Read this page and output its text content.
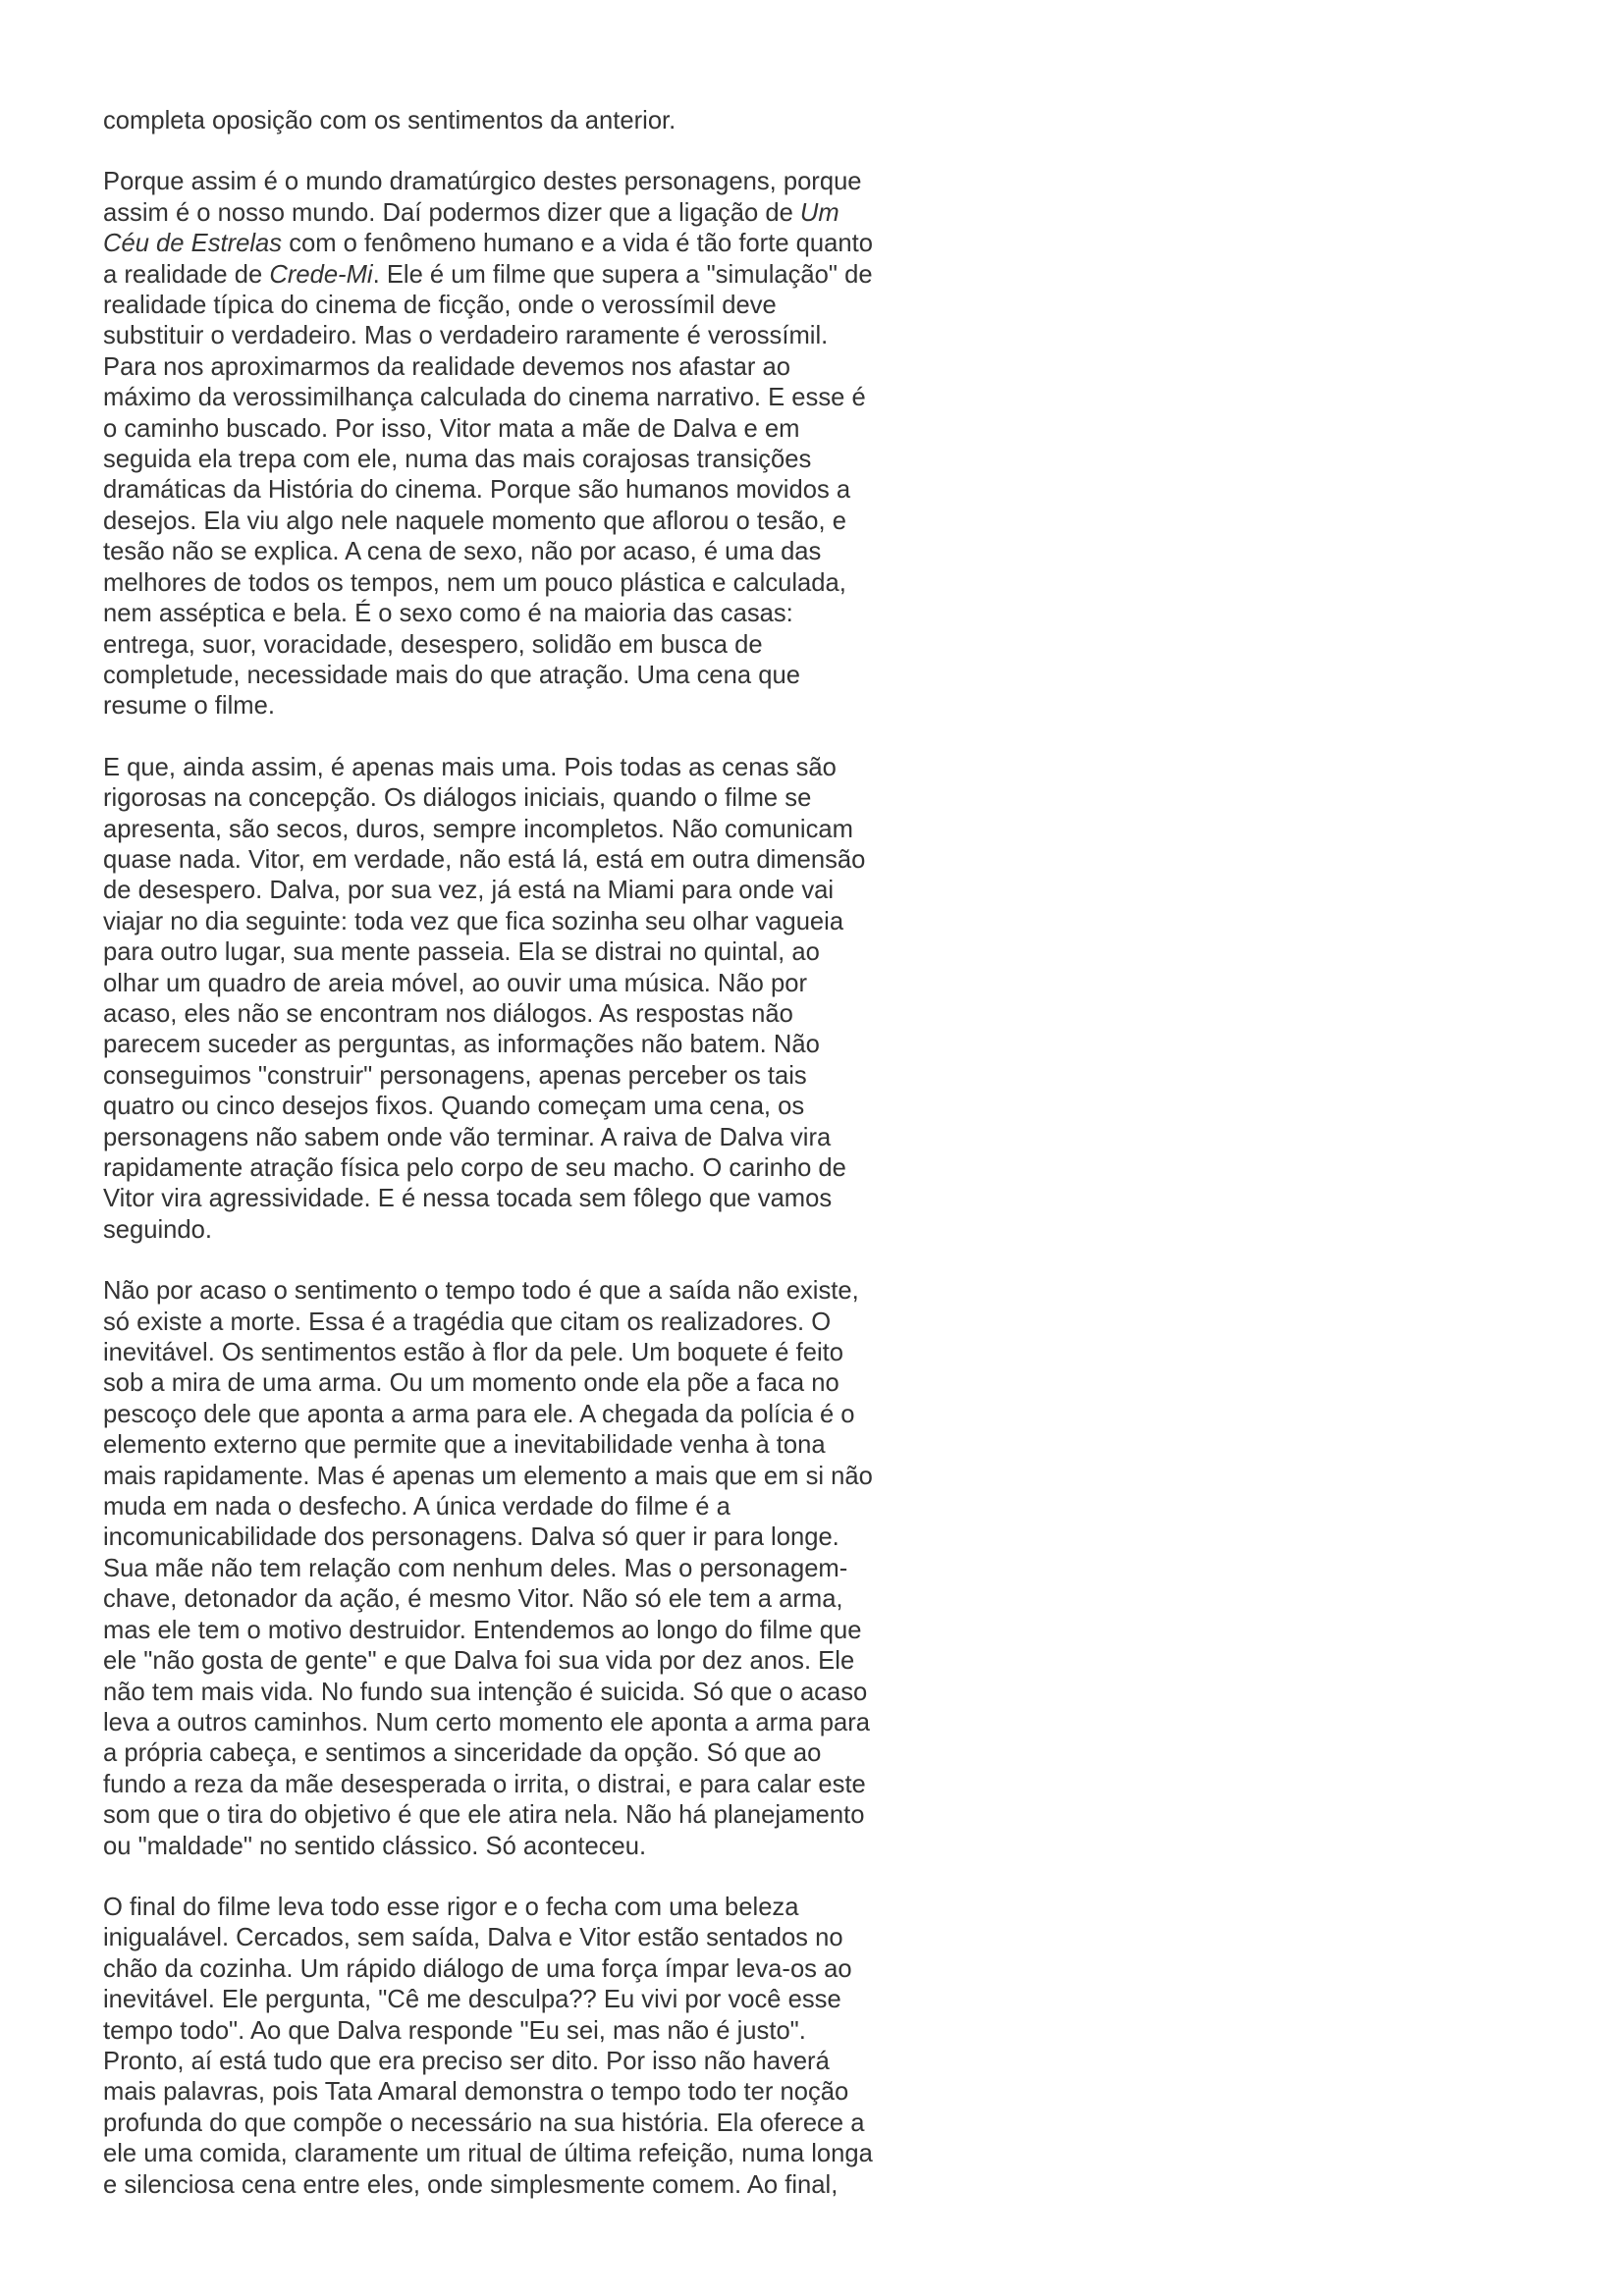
completa oposição com os sentimentos da anterior.

Porque assim é o mundo dramatúrgico destes personagens, porque
assim é o nosso mundo. Daí podermos dizer que a ligação de Um
Céu de Estrelas com o fenômeno humano e a vida é tão forte quanto
a realidade de Crede-Mi. Ele é um filme que supera a "simulação" de
realidade típica do cinema de ficção, onde o verossímil deve
substituir o verdadeiro. Mas o verdadeiro raramente é verossímil.
Para nos aproximarmos da realidade devemos nos afastar ao
máximo da verossimilhança calculada do cinema narrativo. E esse é
o caminho buscado. Por isso, Vitor mata a mãe de Dalva e em
seguida ela trepa com ele, numa das mais corajosas transições
dramáticas da História do cinema. Porque são humanos movidos a
desejos. Ela viu algo nele naquele momento que aflorou o tesão, e
tesão não se explica. A cena de sexo, não por acaso, é uma das
melhores de todos os tempos, nem um pouco plástica e calculada,
nem asséptica e bela. É o sexo como é na maioria das casas:
entrega, suor, voracidade, desespero, solidão em busca de
completude, necessidade mais do que atração. Uma cena que
resume o filme.

E que, ainda assim, é apenas mais uma. Pois todas as cenas são
rigorosas na concepção. Os diálogos iniciais, quando o filme se
apresenta, são secos, duros, sempre incompletos. Não comunicam
quase nada. Vitor, em verdade, não está lá, está em outra dimensão
de desespero. Dalva, por sua vez, já está na Miami para onde vai
viajar no dia seguinte: toda vez que fica sozinha seu olhar vagueia
para outro lugar, sua mente passeia. Ela se distrai no quintal, ao
olhar um quadro de areia móvel, ao ouvir uma música. Não por
acaso, eles não se encontram nos diálogos. As respostas não
parecem suceder as perguntas, as informações não batem. Não
conseguimos "construir" personagens, apenas perceber os tais
quatro ou cinco desejos fixos. Quando começam uma cena, os
personagens não sabem onde vão terminar. A raiva de Dalva vira
rapidamente atração física pelo corpo de seu macho. O carinho de
Vitor vira agressividade. E é nessa tocada sem fôlego que vamos
seguindo.

Não por acaso o sentimento o tempo todo é que a saída não existe,
só existe a morte. Essa é a tragédia que citam os realizadores. O
inevitável. Os sentimentos estão à flor da pele. Um boquete é feito
sob a mira de uma arma. Ou um momento onde ela põe a faca no
pescoço dele que aponta a arma para ele. A chegada da polícia é o
elemento externo que permite que a inevitabilidade venha à tona
mais rapidamente. Mas é apenas um elemento a mais que em si não
muda em nada o desfecho. A única verdade do filme é a
incomunicabilidade dos personagens. Dalva só quer ir para longe.
Sua mãe não tem relação com nenhum deles. Mas o personagem-
chave, detonador da ação, é mesmo Vitor. Não só ele tem a arma,
mas ele tem o motivo destruidor. Entendemos ao longo do filme que
ele "não gosta de gente" e que Dalva foi sua vida por dez anos. Ele
não tem mais vida. No fundo sua intenção é suicida. Só que o acaso
leva a outros caminhos. Num certo momento ele aponta a arma para
a própria cabeça, e sentimos a sinceridade da opção. Só que ao
fundo a reza da mãe desesperada o irrita, o distrai, e para calar este
som que o tira do objetivo é que ele atira nela. Não há planejamento
ou "maldade" no sentido clássico. Só aconteceu.

O final do filme leva todo esse rigor e o fecha com uma beleza
inigualável. Cercados, sem saída, Dalva e Vitor estão sentados no
chão da cozinha. Um rápido diálogo de uma força ímpar leva-os ao
inevitável. Ele pergunta, "Cê me desculpa?? Eu vivi por você esse
tempo todo". Ao que Dalva responde "Eu sei, mas não é justo".
Pronto, aí está tudo que era preciso ser dito. Por isso não haverá
mais palavras, pois Tata Amaral demonstra o tempo todo ter noção
profunda do que compõe o necessário na sua história. Ela oferece a
ele uma comida, claramente um ritual de última refeição, numa longa
e silenciosa cena entre eles, onde simplesmente comem. Ao final,
